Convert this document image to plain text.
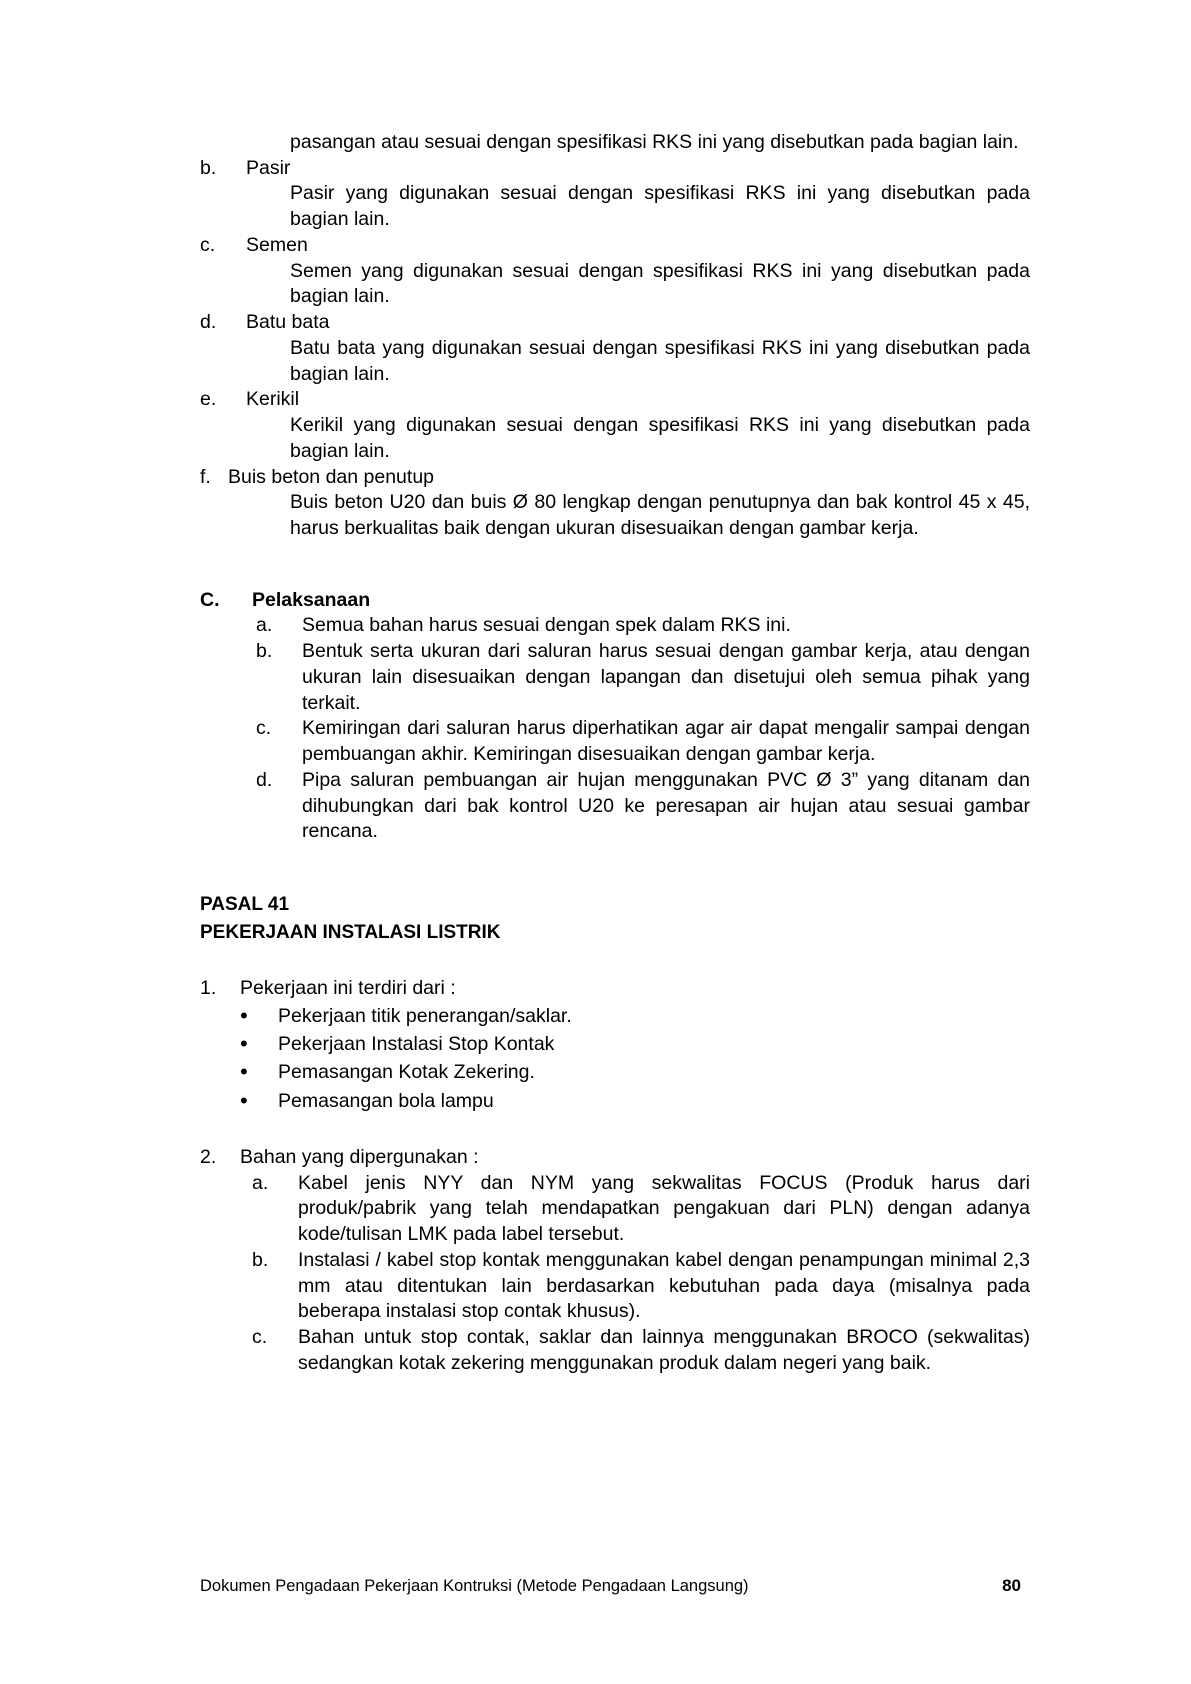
pasangan atau sesuai dengan spesifikasi RKS ini yang disebutkan pada bagian lain.
b.	Pasir
Pasir yang digunakan sesuai dengan spesifikasi RKS ini yang disebutkan pada bagian lain.
c.	Semen
Semen yang digunakan sesuai dengan spesifikasi RKS ini yang disebutkan pada bagian lain.
d.	Batu bata
Batu bata yang digunakan sesuai dengan spesifikasi RKS ini yang disebutkan pada bagian lain.
e.	Kerikil
Kerikil yang digunakan sesuai dengan spesifikasi RKS ini yang disebutkan pada bagian lain.
f. Buis beton dan penutup
Buis beton U20 dan buis Ø 80 lengkap dengan penutupnya dan bak kontrol 45 x 45, harus berkualitas baik dengan ukuran disesuaikan dengan gambar kerja.
C.	Pelaksanaan
a.	Semua bahan harus sesuai dengan spek dalam RKS ini.
b.	Bentuk serta ukuran dari saluran harus sesuai dengan gambar kerja, atau dengan ukuran lain disesuaikan dengan lapangan dan disetujui oleh semua pihak yang terkait.
c.	Kemiringan dari saluran harus diperhatikan agar air dapat mengalir sampai dengan pembuangan akhir. Kemiringan disesuaikan dengan gambar kerja.
d.	Pipa saluran pembuangan air hujan menggunakan PVC Ø 3” yang ditanam dan dihubungkan dari bak kontrol U20 ke peresapan air hujan atau sesuai gambar rencana.
PASAL 41
PEKERJAAN INSTALASI LISTRIK
1.	Pekerjaan ini terdiri dari :
•	Pekerjaan titik penerangan/saklar.
•	Pekerjaan Instalasi Stop Kontak
•	Pemasangan Kotak Zekering.
•	Pemasangan bola lampu
2.	Bahan yang dipergunakan :
a.	Kabel jenis NYY dan NYM yang sekwalitas FOCUS (Produk harus dari produk/pabrik yang telah mendapatkan pengakuan dari PLN) dengan adanya kode/tulisan LMK pada label tersebut.
b.	Instalasi / kabel stop kontak menggunakan kabel dengan penampungan minimal 2,3 mm atau ditentukan lain berdasarkan kebutuhan pada daya (misalnya pada beberapa instalasi stop contak khusus).
c.	Bahan untuk stop contak, saklar dan lainnya menggunakan BROCO (sekwalitas) sedangkan kotak zekering menggunakan produk dalam negeri yang baik.
Dokumen Pengadaan Pekerjaan Kontruksi (Metode Pengadaan Langsung)	80
